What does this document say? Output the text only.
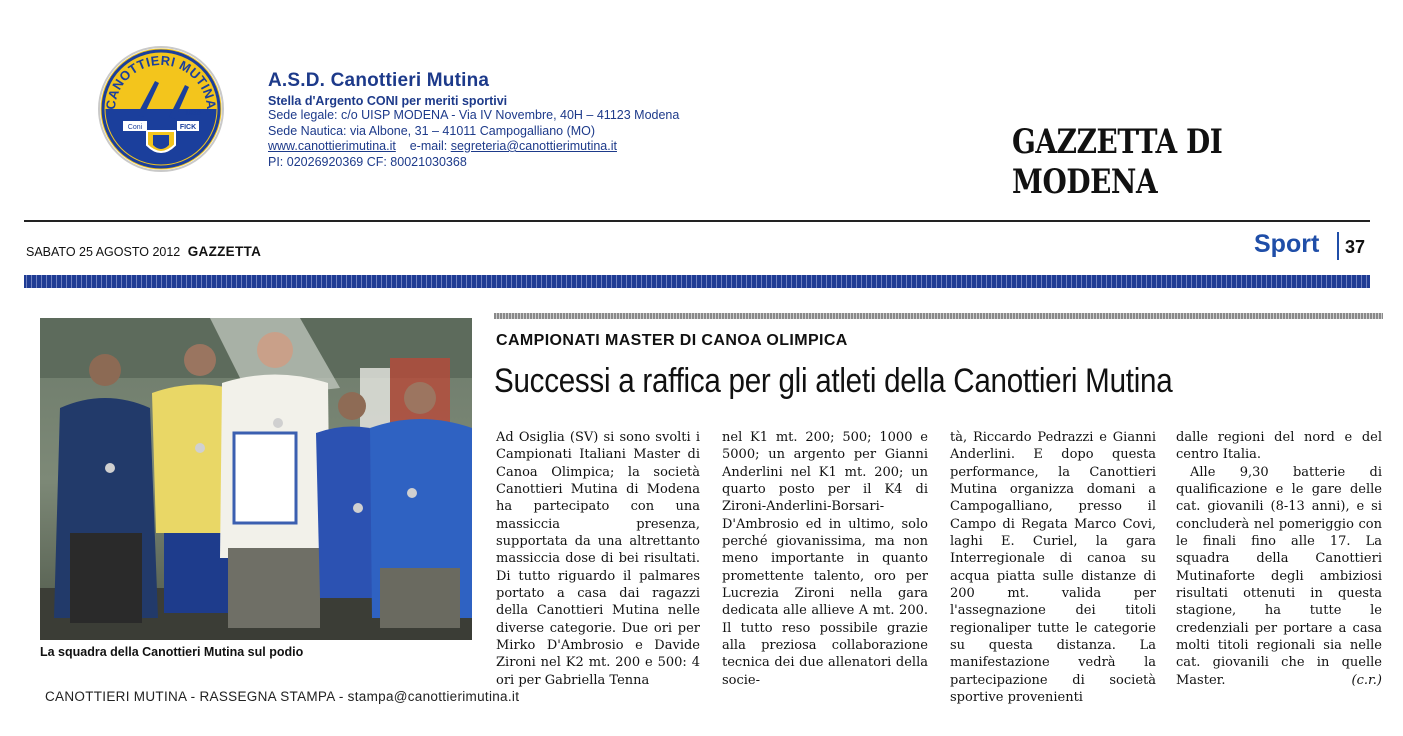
CANOTTIERI MUTINA
Coni	FICK
1930
A.S.D. Canottieri Mutina
Stella d'Argento CONI per meriti sportivi
Sede legale: c/o UISP MODENA - Via IV Novembre, 40H – 41123 Modena
Sede Nautica: via Albone, 31 – 41011 Campogalliano (MO)
www.canottierimutina.it e-mail: segreteria@canottierimutina.it
PI: 02026920369 CF: 80021030368	GAZZETTA DI MODENA
SABATO 25 AGOSTO 2012 GAZZETTA	Sport 37
La squadra della Canottieri Mutina sul podio
CAMPIONATI MASTER DI CANOA OLIMPICA
Successi a raffica per gli atleti della Canottieri Mutina

Ad Osiglia (SV) si sono svolti i Campionati Italiani Master di Canoa Olimpica; la società Canottieri Mutina di Modena ha partecipato con una massiccia presenza, supportata da una altrettanto massiccia dose di bei risultati. Di tutto riguardo il palmares portato a casa dai ragazzi della Canottieri Mutina nelle diverse categorie. Due ori per Mirko D'Ambrosio e Davide Zironi nel K2 mt. 200 e 500: 4 ori per Gabriella Tenna

nel K1 mt. 200; 500; 1000 e 5000; un argento per Gianni Anderlini nel K1 mt. 200; un quarto posto per il K4 di Zironi-Anderlini-Borsari-D'Ambrosio ed in ultimo, solo perché giovanissima, ma non meno importante in quanto promettente talento, oro per Lucrezia Zironi nella gara dedicata alle allieve A mt. 200. Il tutto reso possibile grazie alla preziosa collaborazione tecnica dei due allenatori della socie-

tà, Riccardo Pedrazzi e Gianni Anderlini. E dopo questa performance, la Canottieri Mutina organizza domani a Campogalliano, presso il Campo di Regata Marco Covi, laghi E. Curiel, la gara Interregionale di canoa su acqua piatta sulle distanze di 200 mt. valida per l'assegnazione dei titoli regionaliper tutte le categorie su questa distanza. La manifestazione vedrà la partecipazione di società sportive provenienti

dalle regioni del nord e del centro Italia.

Alle 9,30 batterie di qualificazione e le gare delle cat. giovanili (8-13 anni), e si concluderà nel pomeriggio con le finali fino alle 17. La squadra della Canottieri Mutinaforte degli ambiziosi risultati ottenuti in questa stagione, ha tutte le credenziali per portare a casa molti titoli regionali sia nelle cat. giovanili che in quelle Master.	(c.r.)

CANOTTIERI MUTINA - RASSEGNA STAMPA - stampa@canottierimutina.it
